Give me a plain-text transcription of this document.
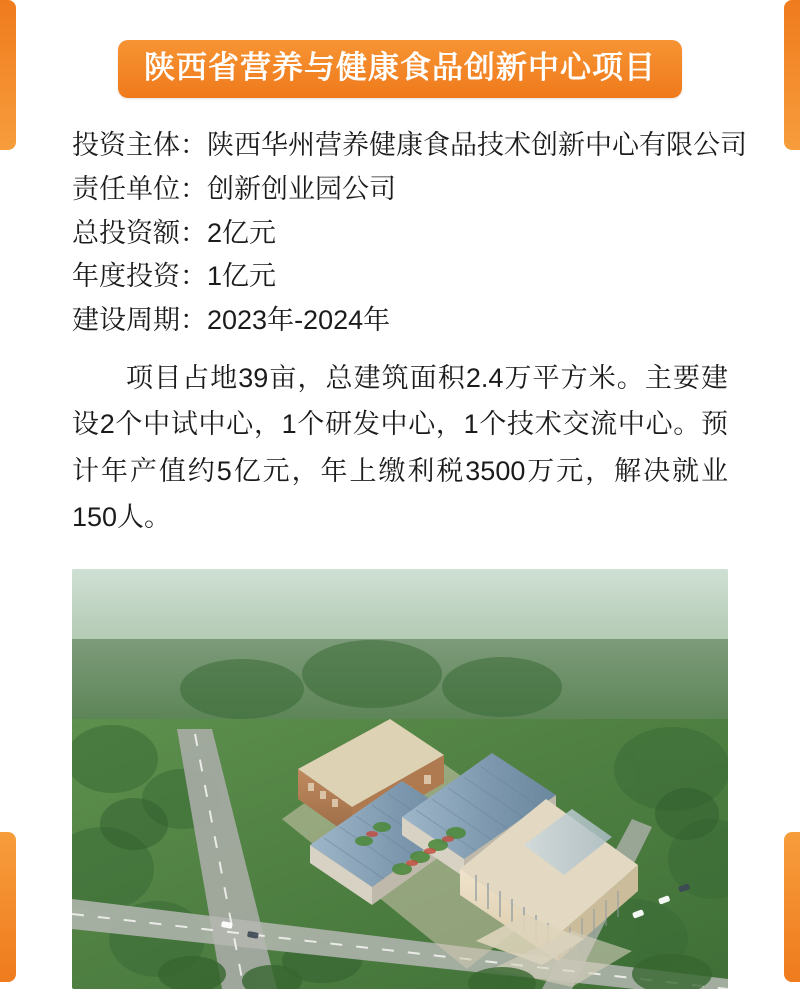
陕西省营养与健康食品创新中心项目
投资主体：陕西华州营养健康食品技术创新中心有限公司
责任单位：创新创业园公司
总投资额：2亿元
年度投资：1亿元
建设周期：2023年-2024年
项目占地39亩，总建筑面积2.4万平方米。主要建设2个中试中心，1个研发中心，1个技术交流中心。预计年产值约5亿元，年上缴利税3500万元，解决就业150人。
